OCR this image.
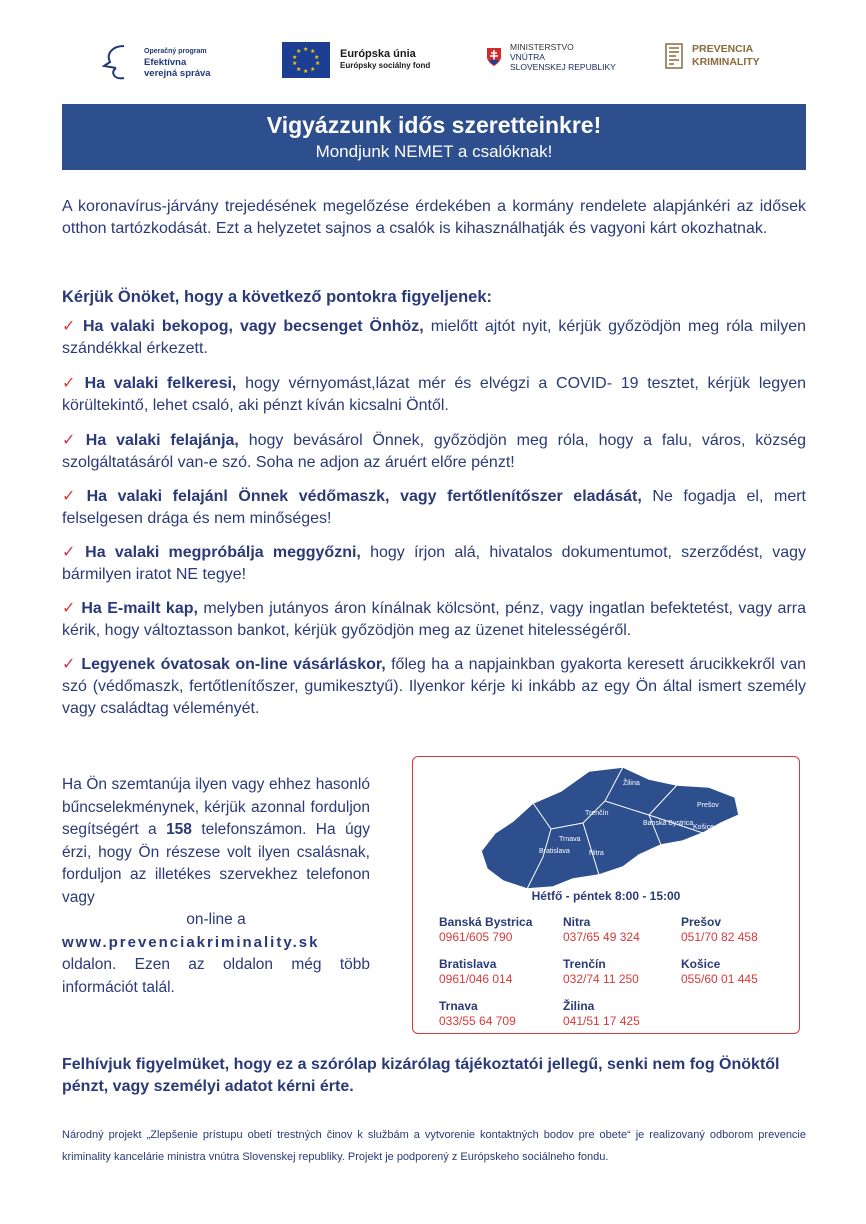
Operačný program
Efektívna
verejná správa
★ ★
★
★
★
★
★
★
★
★	Európska únia
Európsky sociálny fond
MINISTERSTVO
VNÚTRA
SLOVENSKEJ REPUBLIKY
PREVENCIA
KRIMINALITY
Vigyázzunk idős szeretteinkre!
Mondjunk NEMET a csalóknak!
A koronavírus-járvány trejedésének megelőzése érdekében a kormány rendelete alapjánkéri az idősek otthon tartózkodását. Ezt a helyzetet sajnos a csalók is kihasználhatják és vagyoni kárt okozhatnak.
Kérjük Önöket, hogy a következő pontokra figyeljenek:
✓ Ha valaki bekopog, vagy becsenget Önhöz, mielőtt ajtót nyit, kérjük győzödjön meg róla milyen szándékkal érkezett.
✓ Ha valaki felkeresi, hogy vérnyomást,lázat mér és elvégzi a COVID- 19 tesztet, kérjük legyen körültekintő, lehet csaló, aki pénzt kíván kicsalni Öntől.
✓ Ha valaki felajánja, hogy bevásárol Önnek, győzödjön meg róla, hogy a falu, város, község szolgáltatásáról van-e szó. Soha ne adjon az áruért előre pénzt!
✓ Ha valaki felajánl Önnek védőmaszk, vagy fertőtlenítőszer eladását, Ne fogadja el, mert felselgesen drága és nem minőséges!
✓ Ha valaki megpróbálja meggyőzni, hogy írjon alá, hivatalos dokumentumot, szerződést, vagy bármilyen iratot NE tegye!
✓ Ha E-mailt kap, melyben jutányos áron kínálnak kölcsönt, pénz, vagy ingatlan befektetést, vagy arra kérik, hogy változtasson bankot, kérjük győzödjön meg az üzenet hitelességéről.
✓ Legyenek óvatosak on-line vásárláskor, főleg ha a napjainkban gyakorta keresett árucikkekről van szó (védőmaszk, fertőtlenítőszer, gumikesztyű). Ilyenkor kérje ki inkább az egy Ön által ismert személy vagy családtag véleményét.
Ha Ön szemtanúja ilyen vagy ehhez hasonló bűncselekménynek, kérjük azonnal forduljon segítségért a 158 telefonszámon. Ha úgy érzi, hogy Ön részese volt ilyen csalásnak, forduljon az illetékes szervekhez telefonon vagy
on-line a
www.prevenciakriminality.sk oldalon. Ezen az oldalon még több információt talál.
Žilina
Trenčín
Banská Bystrica
Prešov
Košice
Trnava
Nitra
Bratislava
Hétfő - péntek 8:00 - 15:00
Banská Bystrica
0961/605 790
Nitra
037/65 49 324
Prešov
051/70 82 458
Bratislava
0961/046 014
Trenčín
032/74 11 250
Košice
055/60 01 445
Trnava
033/55 64 709
Žilina
041/51 17 425
Felhívjuk figyelmüket, hogy ez a szórólap kizárólag tájékoztatói jellegű, senki nem fog Önöktől pénzt, vagy személyi adatot kérni érte.
Národný projekt „Zlepšenie prístupu obetí trestných činov k službám a vytvorenie kontaktných bodov pre obete“ je realizovaný odborom prevencie kriminality kancelárie ministra vnútra Slovenskej republiky. Projekt je podporený z Európskeho sociálneho fondu.
